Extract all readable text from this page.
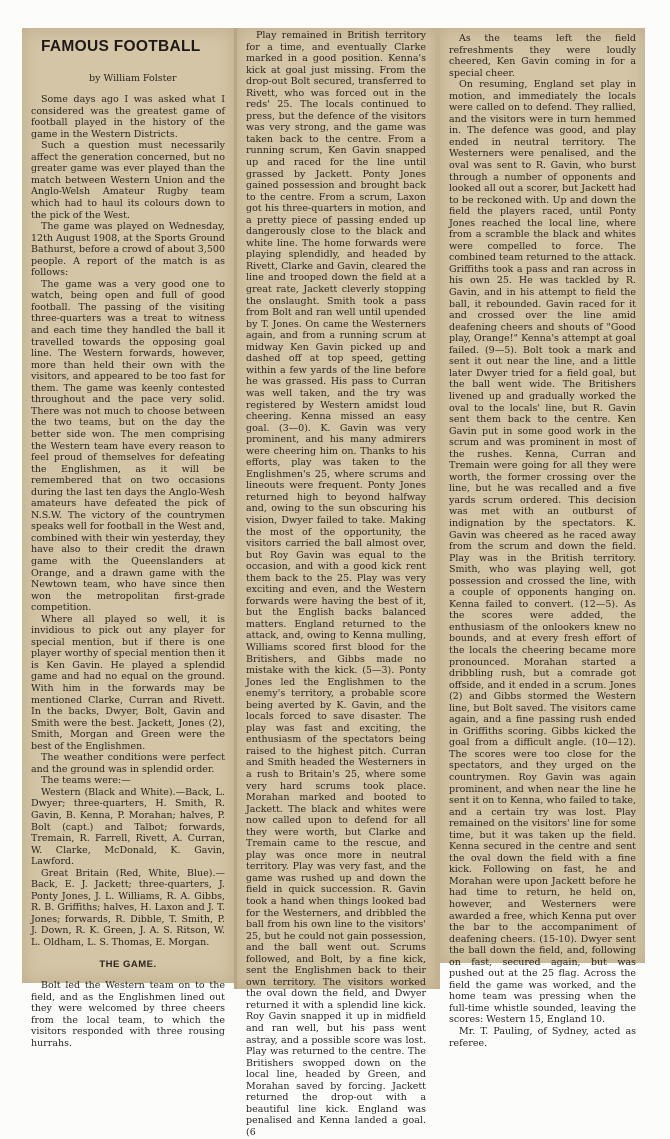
FAMOUS FOOTBALL
by William Folster

Some days ago I was asked what I considered was the greatest game of football played in the history of the game in the Western Districts.

Such a question must necessarily affect the generation concerned, but no greater game was ever played than the match between Western Union and the Anglo-Welsh Amateur Rugby team which had to haul its colours down to the pick of the West.

The game was played on Wednesday, 12th August 1908, at the Sports Ground Bathurst, before a crowd of about 3,500 people. A report of the match is as follows:

The game was a very good one to watch, being open and full of good football. The passing of the visiting three-quarters was a treat to witness and each time they handled the ball it travelled towards the opposing goal line. The Western forwards, however, more than held their own with the visitors, and appeared to be too fast for them. The game was keenly contested throughout and the pace very solid. There was not much to choose between the two teams, but on the day the better side won. The men comprising the Western team have every reason to feel proud of themselves for defeating the Englishmen, as it will be remembered that on two occasions during the last ten days the Anglo-Wesh amateurs have defeated the pick of N.S.W. The victory of the countrymen speaks well for football in the West and, combined with their win yesterday, they have also to their credit the drawn game with the Queenslanders at Orange, and a drawn game with the Newtown team, who have since then won the metropolitan first-grade competition.

Where all played so well, it is invidious to pick out any player for special mention, but if there is one player worthy of special mention then it is Ken Gavin. He played a splendid game and had no equal on the ground. With him in the forwards may be mentioned Clarke, Curran and Rivett. In the backs, Dwyer, Bolt, Gavin and Smith were the best. Jackett, Jones (2), Smith, Morgan and Green were the best of the Englishmen.

The weather conditions were perfect and the ground was in splendid order.

The teams were:—

Western (Black and White).—Back, L. Dwyer; three-quarters, H. Smith, R. Gavin, B. Kenna, P. Morahan; halves, P. Bolt (capt.) and Talbot; forwards, Tremain, R. Farrell, Rivett, A. Curran, W. Clarke, McDonald, K. Gavin, Lawford.

Great Britain (Red, White, Blue).—Back, E. J. Jackett; three-quarters, J. Ponty Jones, J. L. Williams, R. A. Gibbs, R. B. Griffiths; halves, H. Laxon and J. T. Jones; forwards, R. Dibble, T. Smith, P. J. Down, R. K. Green, J. A. S. Ritson, W. L. Oldham, L. S. Thomas, E. Morgan.

THE GAME.

Bolt led the Western team on to the field, and as the Englishmen lined out they were welcomed by three cheers from the local team, to which the visitors responded with three rousing hurrahs.

Play remained in British territory for a time, and eventually Clarke marked in a good position. Kenna's kick at goal just missing. From the drop-out Bolt secured, transferred to Rivett, who was forced out in the reds' 25. The locals continued to press, but the defence of the visitors was very strong, and the game was taken back to the centre. From a running scrum, Ken Gavin snapped up and raced for the line until grassed by Jackett. Ponty Jones gained possession and brought back to the centre. From a scrum, Laxon got his three-quarters in motion, and a pretty piece of passing ended up dangerously close to the black and white line. The home forwards were playing splendidly, and headed by Rivett, Clarke and Gavin, cleared the line and trooped down the field at a great rate, Jackett cleverly stopping the onslaught. Smith took a pass from Bolt and ran well until upended by T. Jones. On came the Westerners again, and from a running scrum at midway Ken Gavin picked up and dashed off at top speed, getting within a few yards of the line before he was grassed. His pass to Curran was well taken, and the try was registered by Western amidst loud cheering. Kenna missed an easy goal. (3—0). K. Gavin was very prominent, and his many admirers were cheering him on. Thanks to his efforts, play was taken to the Englishmen's 25, where scrums and lineouts were frequent. Ponty Jones returned high to beyond halfway and, owing to the sun obscuring his vision, Dwyer failed to take. Making the most of the opportunity, the visitors carried the ball almost over, but Roy Gavin was equal to the occasion, and with a good kick rent them back to the 25. Play was very exciting and even, and the Western forwards were having the best of it, but the English backs balanced matters. England returned to the attack, and, owing to Kenna mulling, Williams scored first blood for the Britishers, and Gibbs made no mistake with the kick. (5—3). Ponty Jones led the Englishmen to the enemy's territory, a probable score being averted by K. Gavin, and the locals forced to save disaster. The play was fast and exciting, the enthusiasm of the spectators being raised to the highest pitch. Curran and Smith headed the Westerners in a rush to Britain's 25, where some very hard scrums took place. Morahan marked and booted to Jackett. The black and whites were now called upon to defend for all they were worth, but Clarke and Tremain came to the rescue, and play was once more in neutral territory. Play was very fast, and the game was rushed up and down the field in quick succession. R. Gavin took a hand when things looked bad for the Westerners, and dribbled the ball from his own line to the visitors' 25, but he could not gain possession, and the ball went out. Scrums followed, and Bolt, by a fine kick, sent the Englishmen back to their own territory. The visitors worked the oval down the field, and Dwyer returned it with a splendid line kick. Roy Gavin snapped it up in midfield and ran well, but his pass went astray, and a possible score was lost. Play was returned to the centre. The Britishers swopped down on the local line, headed by Green, and Morahan saved by forcing. Jackett returned the drop-out with a beautiful line kick. England was penalised and Kenna landed a goal. (6

As the teams left the field refreshments they were loudly cheered, Ken Gavin coming in for a special cheer.

On resuming, England set play in motion, and immediately the locals were called on to defend. They rallied, and the visitors were in turn hemmed in. The defence was good, and play ended in neutral territory. The Westerners were penalised, and the oval was sent to R. Gavin, who burst through a number of opponents and looked all out a scorer, but Jackett had to be reckoned with. Up and down the field the players raced, until Ponty Jones reached the local line, where from a scramble the black and whites were compelled to force. The combined team returned to the attack. Griffiths took a pass and ran across in his own 25. He was tackled by R. Gavin, and in his attempt to field the ball, it rebounded. Gavin raced for it and crossed over the line amid deafening cheers and shouts of "Good play, Orange!" Kenna's attempt at goal failed. (9—5). Bolt took a mark and sent it out near the line, and a little later Dwyer tried for a field goal, but the ball went wide. The Britishers livened up and gradually worked the oval to the locals' line, but R. Gavin sent them back to the centre. Ken Gavin put in some good work in the scrum and was prominent in most of the rushes. Kenna, Curran and Tremain were going for all they were worth, the former crossing over the line, but he was recalled and a five yards scrum ordered. This decision was met with an outburst of indignation by the spectators. K. Gavin was cheered as he raced away from the scrum and down the field. Play was in the British territory. Smith, who was playing well, got possession and crossed the line, with a couple of opponents hanging on. Kenna failed to convert. (12—5). As the scores were added, the enthusiasm of the onlookers knew no bounds, and at every fresh effort of the locals the cheering became more pronounced. Morahan started a dribbling rush, but a comrade got offside, and it ended in a scrum. Jones (2) and Gibbs stormed the Western line, but Bolt saved. The visitors came again, and a fine passing rush ended in Griffiths scoring. Gibbs kicked the goal from a difficult angle. (10—12). The scores were too close for the spectators, and they urged on the countrymen. Roy Gavin was again prominent, and when near the line he sent it on to Kenna, who failed to take, and a certain try was lost. Play remained on the visitors' line for some time, but it was taken up the field. Kenna secured in the centre and sent the oval down the field with a fine kick. Following on fast, he and Morahan were upon Jackett before he had time to return, he held on, however, and Westerners were awarded a free, which Kenna put over the bar to the accompaniment of deafening cheers. (15-10). Dwyer sent the ball down the field, and, following on fast, secured again, but was pushed out at the 25 flag. Across the field the game was worked, and the home team was pressing when the full-time whistle sounded, leaving the scores: Western 15, England 10.

Mr. T. Pauling, of Sydney, acted as referee.
